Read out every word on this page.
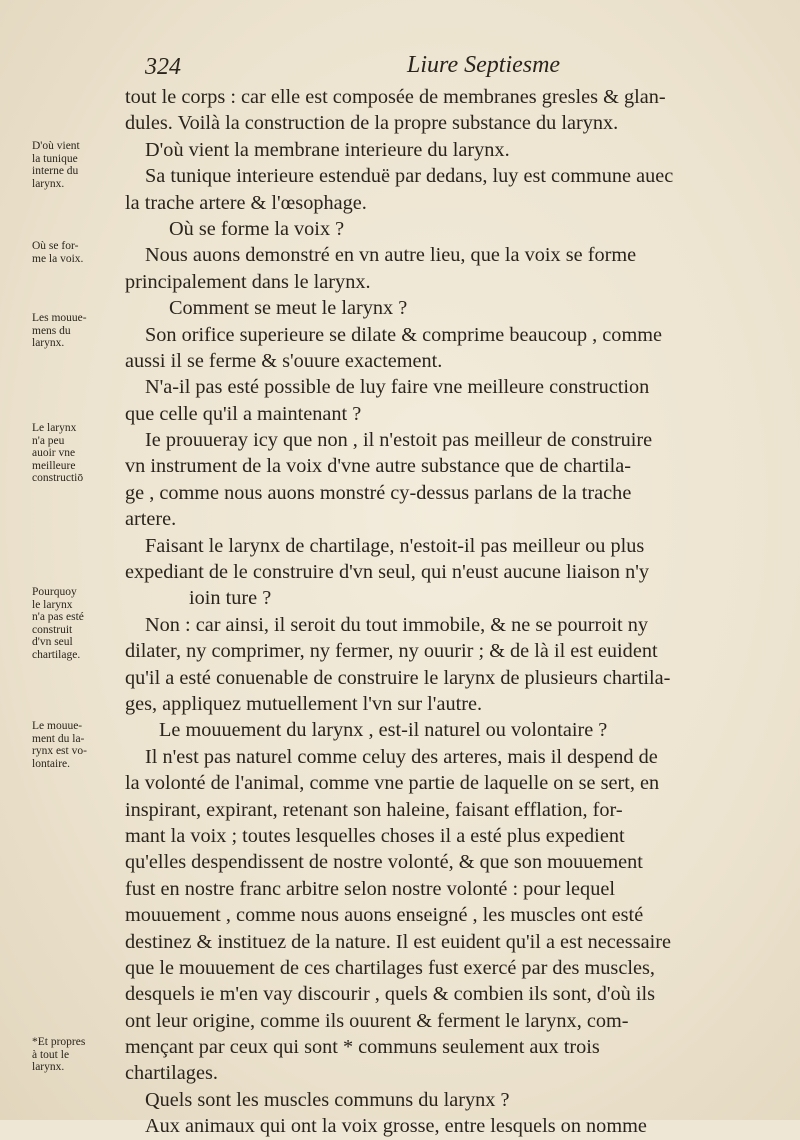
324	Liure Septiesme
tout le corps : car elle est composée de membranes gresles & glan-
dules. Voilà la construction de la propre substance du larynx.
D'où vient la membrane interieure du larynx.
Sa tunique interieure estenduë par dedans, luy est commune auec
la trache artere & l'œsophage.
Où se forme la voix ?
Nous auons demonstré en vn autre lieu, que la voix se forme
principalement dans le larynx.
Comment se meut le larynx ?
Son orifice superieure se dilate & comprime beaucoup , comme
aussi il se ferme & s'ouure exactement.
N'a-il pas esté possible de luy faire vne meilleure construction
que celle qu'il a maintenant ?
Ie prouueray icy que non , il n'estoit pas meilleur de construire
vn instrument de la voix d'vne autre substance que de chartila-
ge , comme nous auons monstré cy-dessus parlans de la trache
artere.
Faisant le larynx de chartilage, n'estoit-il pas meilleur ou plus
expediant de le construire d'vn seul, qui n'eust aucune liaison n'y
ioin ture ?
Non : car ainsi, il seroit du tout immobile, & ne se pourroit ny
dilater, ny comprimer, ny fermer, ny ouurir ; & de là il est euident
qu'il a esté conuenable de construire le larynx de plusieurs chartila-
ges, appliquez mutuellement l'vn sur l'autre.
Le mouuement du larynx , est-il naturel ou volontaire ?
Il n'est pas naturel comme celuy des arteres, mais il despend de
la volonté de l'animal, comme vne partie de laquelle on se sert, en
inspirant, expirant, retenant son haleine, faisant efflation, for-
mant la voix ; toutes lesquelles choses il a esté plus expedient
qu'elles despendissent de nostre volonté, & que son mouuement
fust en nostre franc arbitre selon nostre volonté : pour lequel
mouuement , comme nous auons enseigné , les muscles ont esté
destinez & instituez de la nature. Il est euident qu'il a est necessaire
que le mouuement de ces chartilages fust exercé par des muscles,
desquels ie m'en vay discourir , quels & combien ils sont, d'où ils
ont leur origine, comme ils ouurent & ferment le larynx, com-
mençant par ceux qui sont * communs seulement aux trois
chartilages.
Quels sont les muscles communs du larynx ?
Aux animaux qui ont la voix grosse, entre lesquels on nomme
D'où vient
la tunique
interne du
larynx.
Où se for-
me la voix.
Les mouue-
mens du
larynx.
Le larynx
n'a peu
auoir vne
meilleure
constructiō
Pourquoy
le larynx
n'a pas esté
construit
d'vn seul
chartilage.
Le mouue-
ment du la-
rynx est vo-
lontaire.
*Et propres
à tout le
larynx.
